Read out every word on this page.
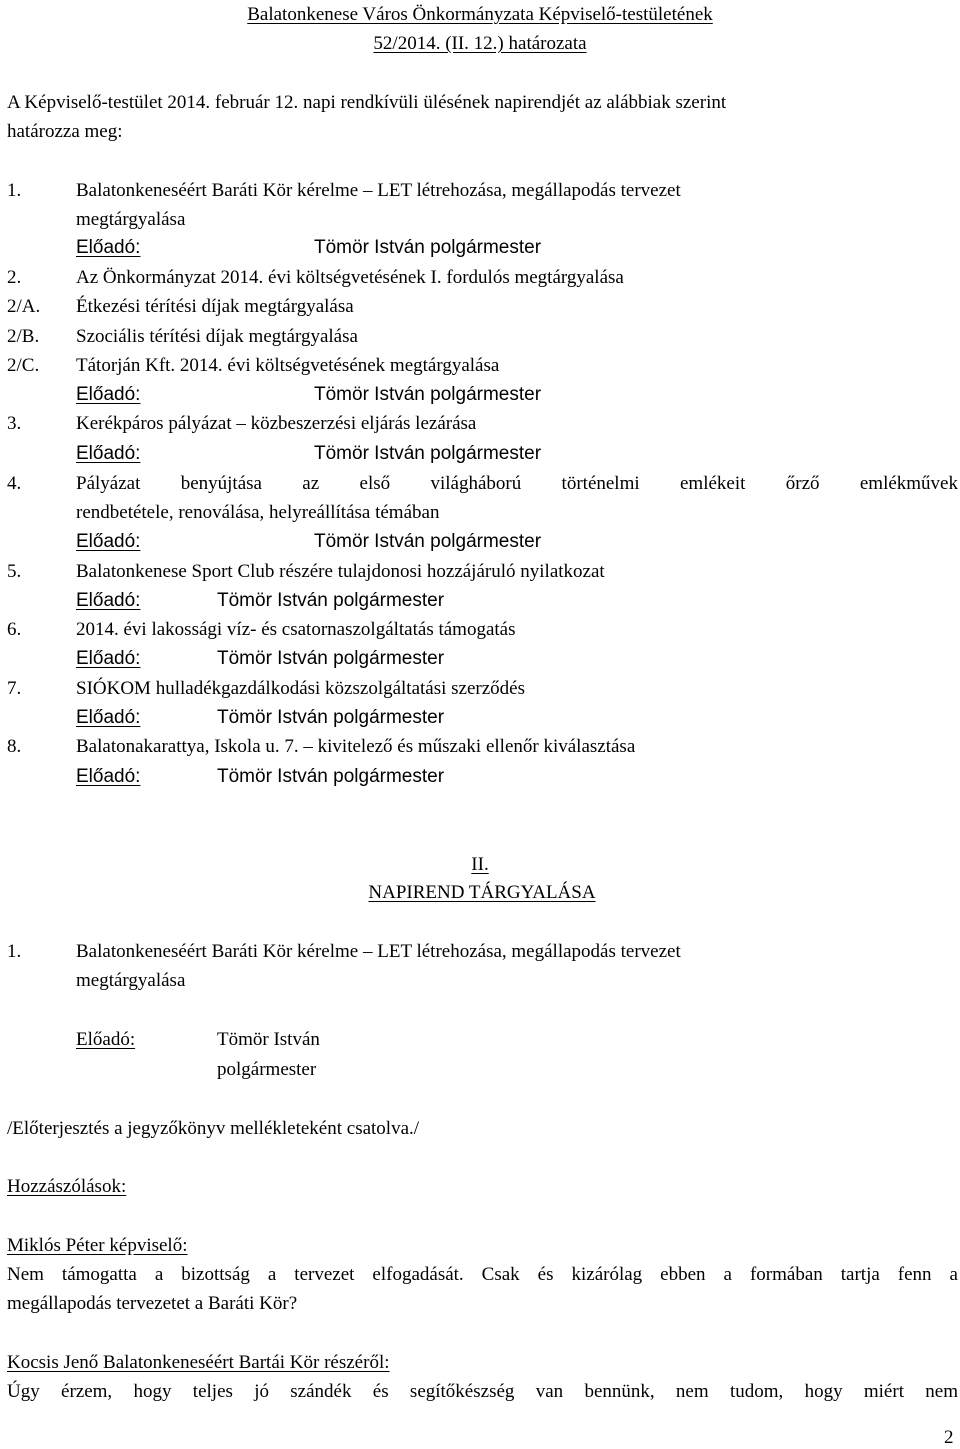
Balatonkenese Város Önkormányzata Képviselő-testületének
52/2014. (II. 12.) határozata
A Képviselő-testület 2014. február 12. napi rendkívüli ülésének napirendjét az alábbiak szerint
határozza meg:
1.	Balatonkeneséért Baráti Kör kérelme – LET létrehozása, megállapodás tervezet
megtárgyalása
Előadó:	Tömör István polgármester
2.	Az Önkormányzat 2014. évi költségvetésének I. fordulós megtárgyalása
2/A. Étkezési térítési díjak megtárgyalása
2/B. Szociális térítési díjak megtárgyalása
2/C. Tátorján Kft. 2014. évi költségvetésének megtárgyalása
Előadó:	Tömör István polgármester
3.	Kerékpáros pályázat – közbeszerzési eljárás lezárása
Előadó:	Tömör István polgármester
4.	Pályázat benyújtása az első világháború történelmi emlékeit őrző emlékművek
rendbetétele, renoválása, helyreállítása témában
Előadó:	Tömör István polgármester
5.	Balatonkenese Sport Club részére tulajdonosi hozzájáruló nyilatkozat
Előadó:	Tömör István polgármester
6.	2014. évi lakossági víz- és csatornaszolgáltatás támogatás
Előadó:	Tömör István polgármester
7.	SIÓKOM hulladékgazdálkodási közszolgáltatási szerződés
Előadó:	Tömör István polgármester
8.	Balatonakarattya, Iskola u. 7. – kivitelező és műszaki ellenőr kiválasztása
Előadó:	Tömör István polgármester
II.
NAPIREND TÁRGYALÁSA
1.	Balatonkeneséért Baráti Kör kérelme – LET létrehozása, megállapodás tervezet
megtárgyalása
Előadó:	Tömör István
polgármester
/Előterjesztés a jegyzőkönyv mellékleteként csatolva./
Hozzászólások:
Miklós Péter képviselő:
Nem támogatta a bizottság a tervezet elfogadását. Csak és kizárólag ebben a formában tartja fenn a
megállapodás tervezetet a Baráti Kör?
Kocsis Jenő Balatonkeneséért Bartái Kör részéről:
Úgy érzem, hogy teljes jó szándék és segítőkészség van bennünk, nem tudom, hogy miért nem
2
